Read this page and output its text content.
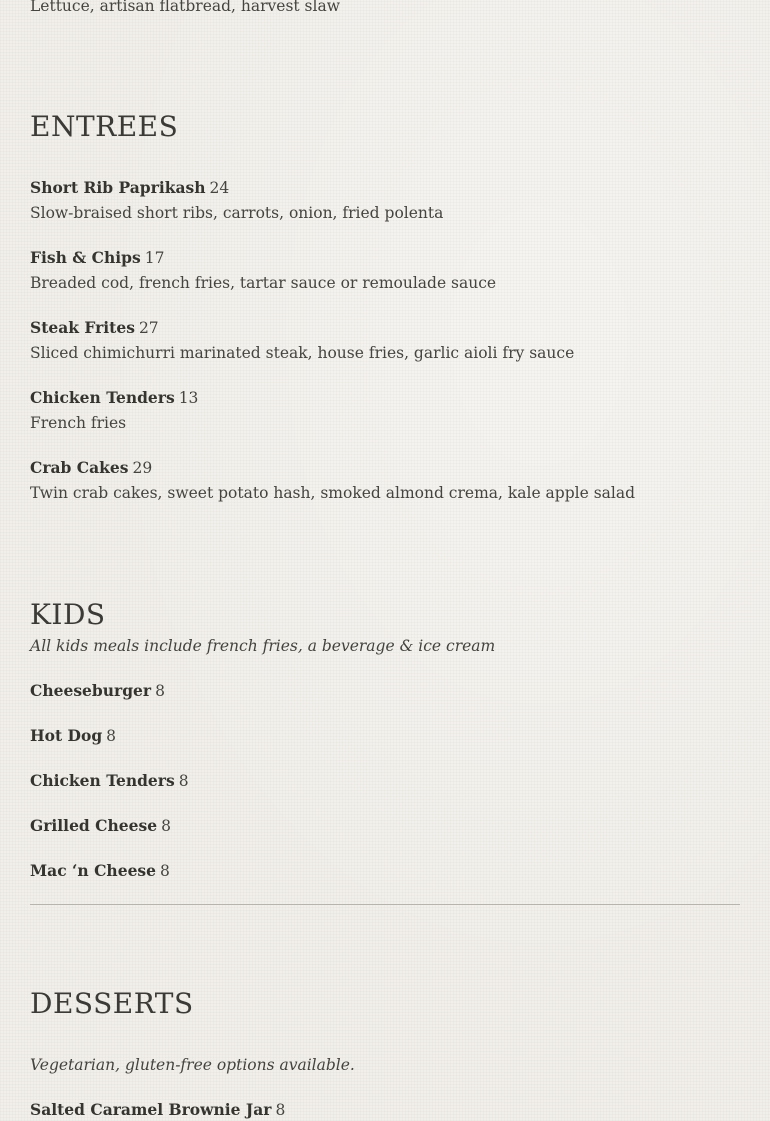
Lettuce, artisan flatbread, harvest slaw
ENTREES
Short Rib Paprikash 24
Slow-braised short ribs, carrots, onion, fried polenta
Fish & Chips 17
Breaded cod, french fries, tartar sauce or remoulade sauce
Steak Frites 27
Sliced chimichurri marinated steak, house fries, garlic aioli fry sauce
Chicken Tenders 13
French fries
Crab Cakes 29
Twin crab cakes, sweet potato hash, smoked almond crema, kale apple salad
KIDS
All kids meals include french fries, a beverage & ice cream
Cheeseburger 8
Hot Dog 8
Chicken Tenders 8
Grilled Cheese 8
Mac ‘n Cheese 8
DESSERTS
Vegetarian, gluten-free options available.
Salted Caramel Brownie Jar 8
